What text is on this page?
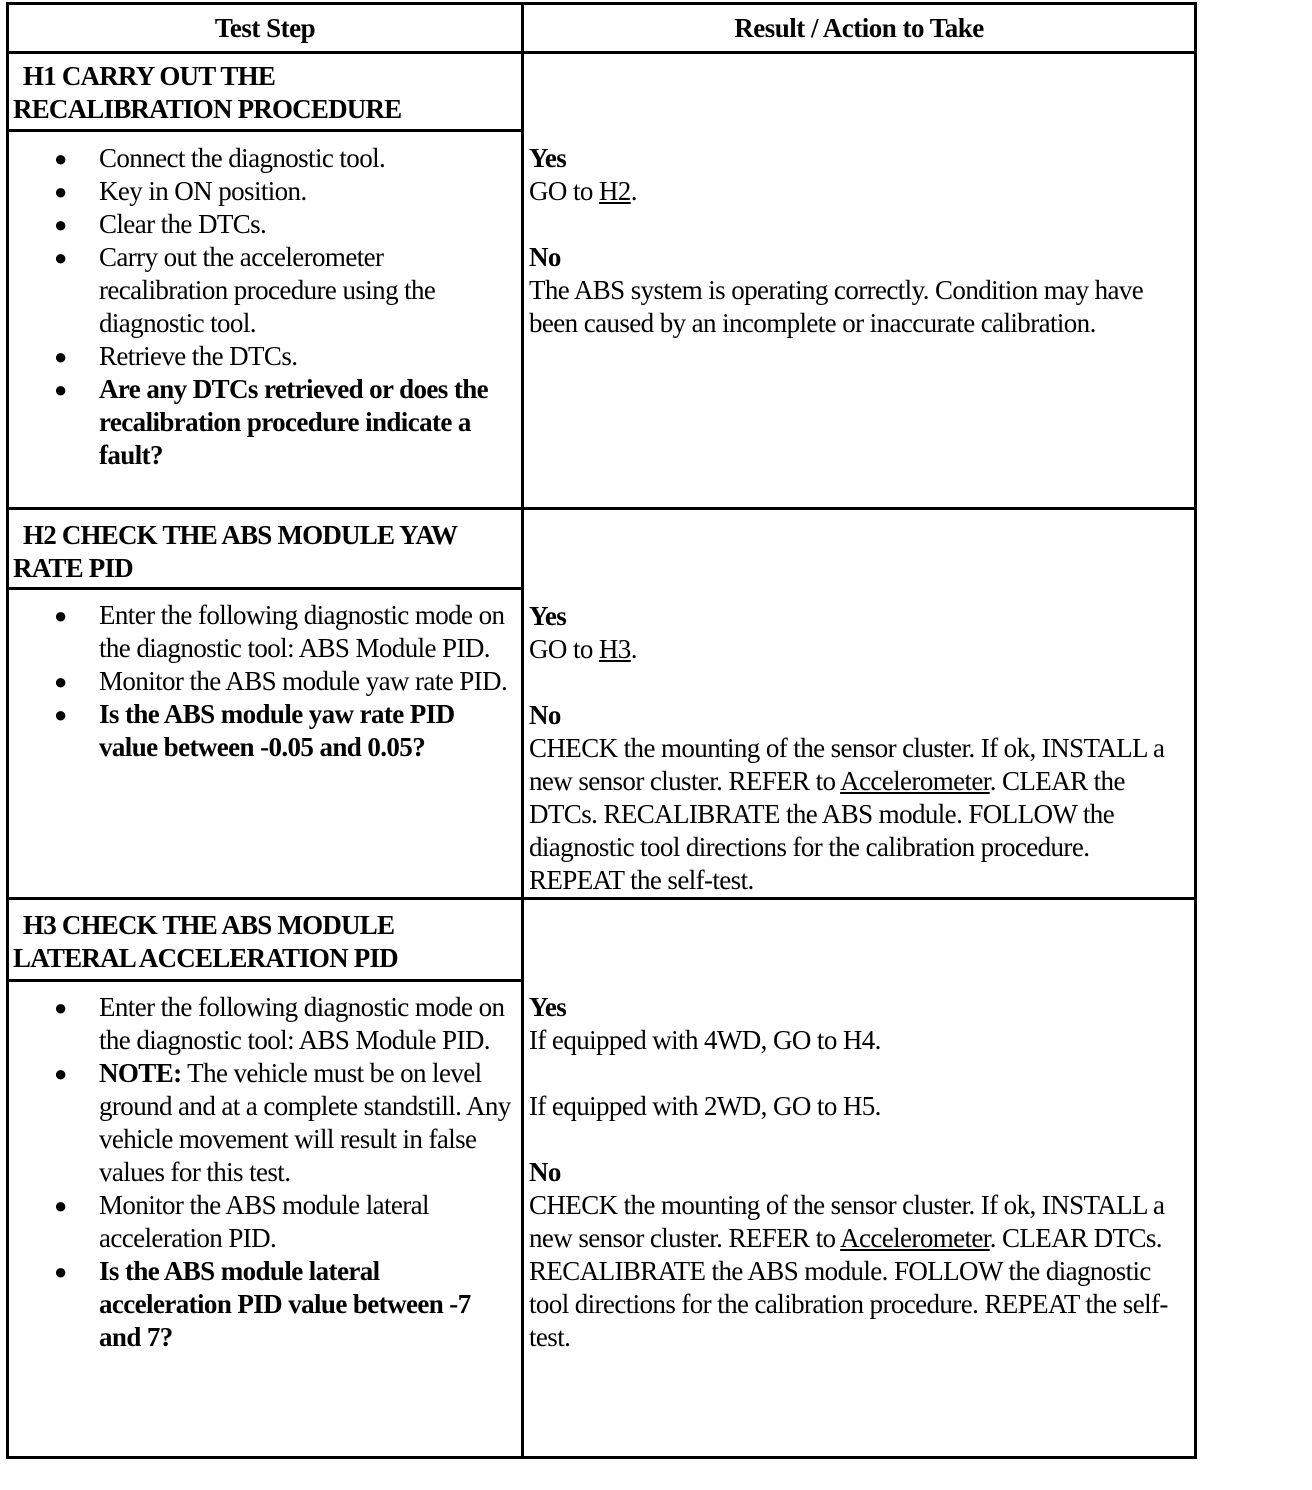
Test Step	Result / Action to Take
H1 CARRY OUT THE
RECALIBRATION PROCEDURE
● Connect the diagnostic tool.
● Key in ON position.
● Clear the DTCs.
● Carry out the accelerometer recalibration procedure using the diagnostic tool.
● Retrieve the DTCs.
● Are any DTCs retrieved or does the recalibration procedure indicate a fault?
Yes
GO to H2.
No
The ABS system is operating correctly. Condition may have been caused by an incomplete or inaccurate calibration.
H2 CHECK THE ABS MODULE YAW
RATE PID
● Enter the following diagnostic mode on the diagnostic tool: ABS Module PID.
● Monitor the ABS module yaw rate PID.
● Is the ABS module yaw rate PID value between -0.05 and 0.05?
Yes
GO to H3.
No
CHECK the mounting of the sensor cluster. If ok, INSTALL a new sensor cluster. REFER to Accelerometer. CLEAR the DTCs. RECALIBRATE the ABS module. FOLLOW the diagnostic tool directions for the calibration procedure. REPEAT the self-test.
H3 CHECK THE ABS MODULE
LATERAL ACCELERATION PID
● Enter the following diagnostic mode on the diagnostic tool: ABS Module PID.
● NOTE: The vehicle must be on level ground and at a complete standstill. Any vehicle movement will result in false values for this test.
● Monitor the ABS module lateral acceleration PID.
● Is the ABS module lateral acceleration PID value between -7 and 7?
Yes
If equipped with 4WD, GO to H4.
If equipped with 2WD, GO to H5.
No
CHECK the mounting of the sensor cluster. If ok, INSTALL a new sensor cluster. REFER to Accelerometer. CLEAR DTCs. RECALIBRATE the ABS module. FOLLOW the diagnostic tool directions for the calibration procedure. REPEAT the self-test.
